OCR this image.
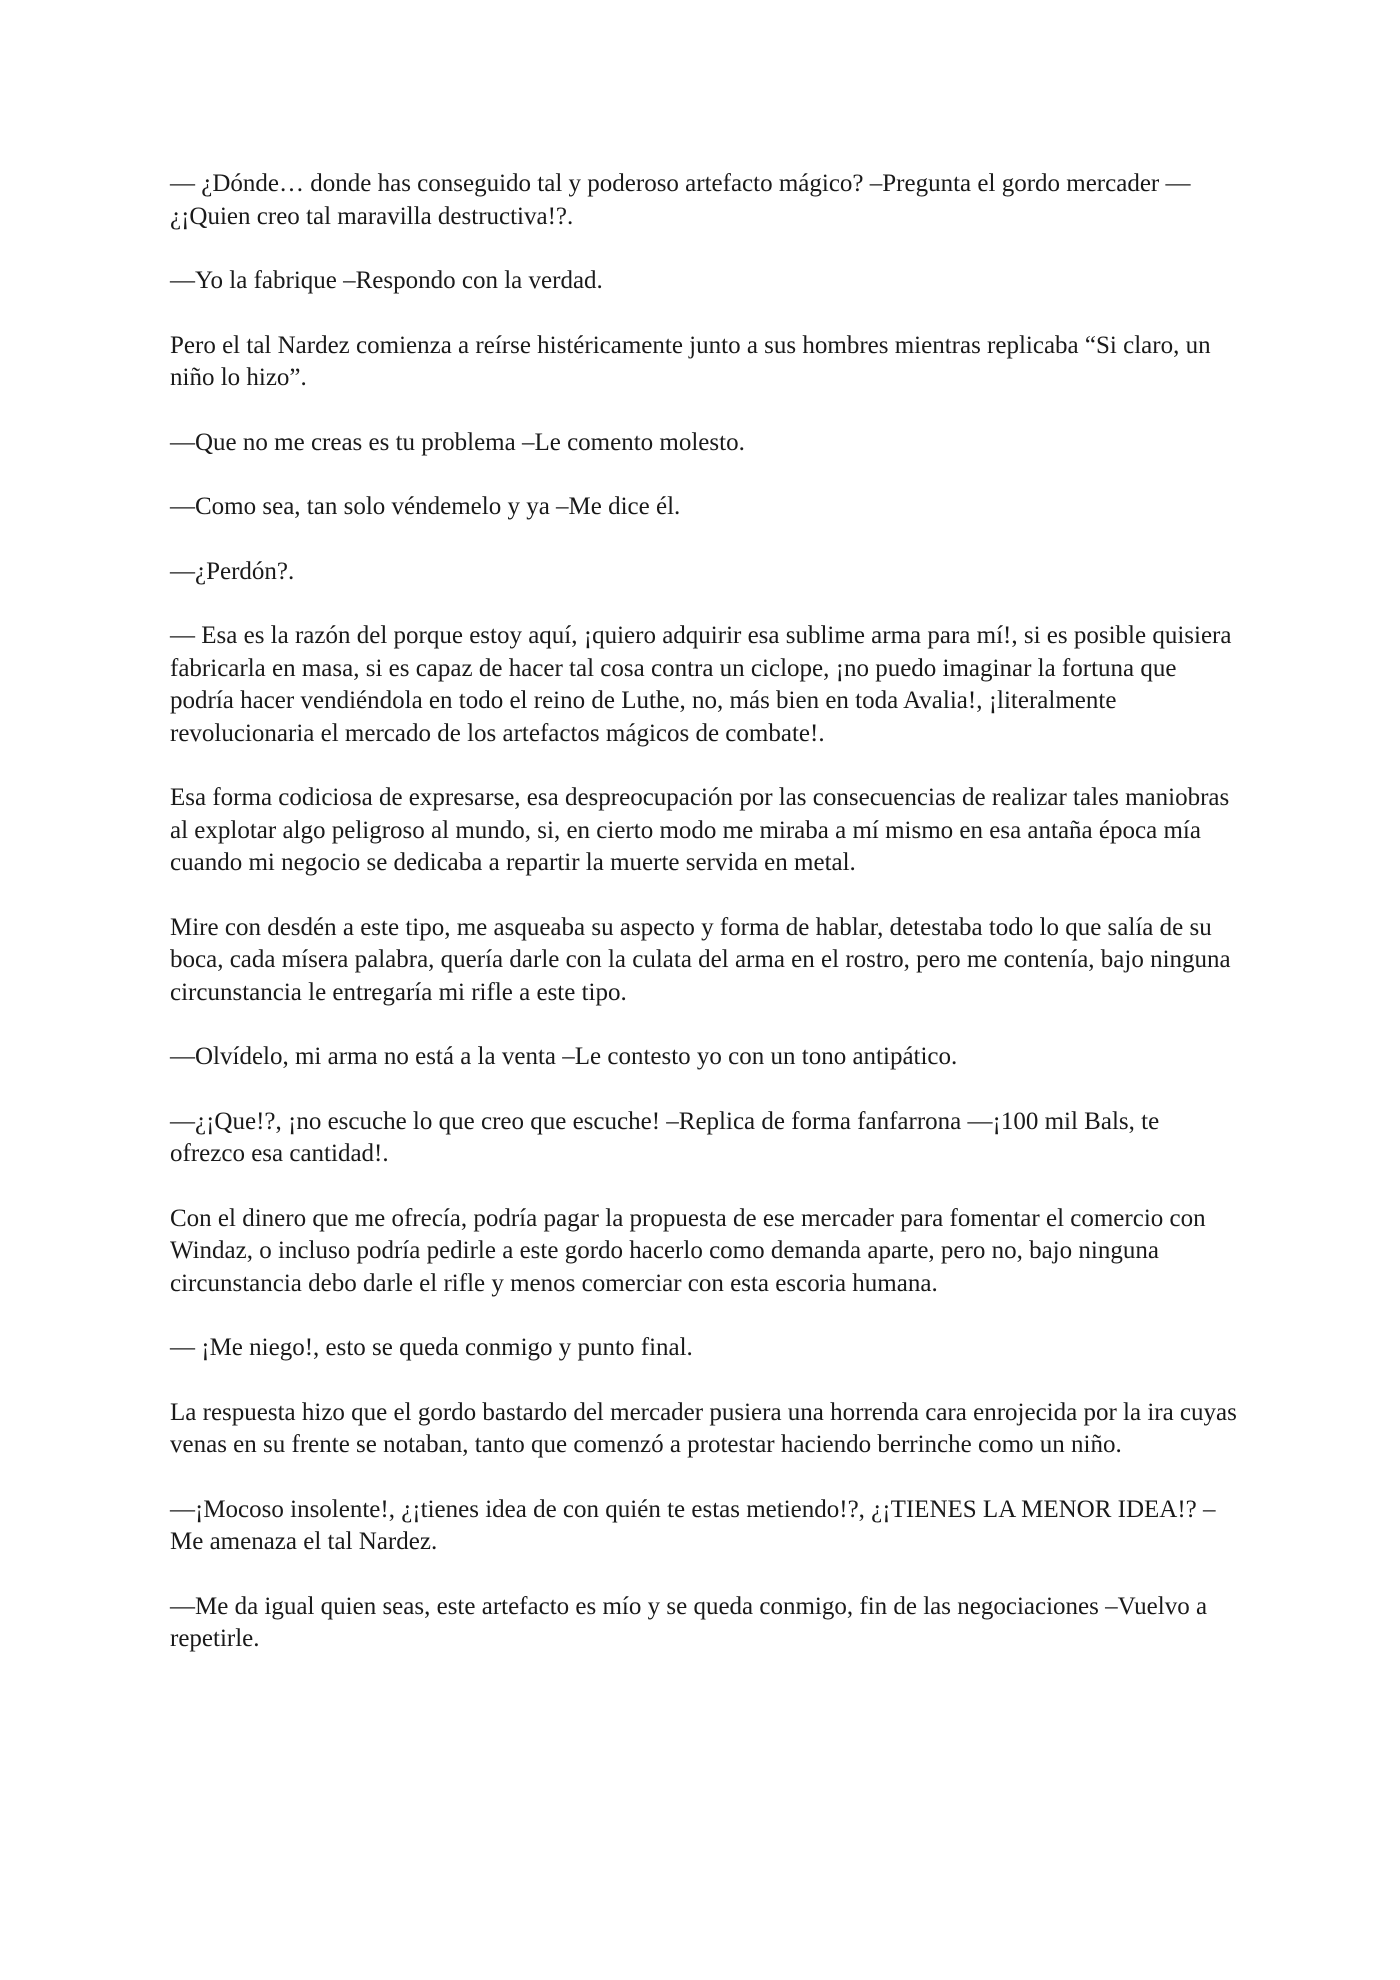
— ¿Dónde… donde has conseguido tal y poderoso artefacto mágico? –Pregunta el gordo mercader —¿¡Quien creo tal maravilla destructiva!?.

—Yo la fabrique –Respondo con la verdad.

Pero el tal Nardez comienza a reírse histéricamente junto a sus hombres mientras replicaba “Si claro, un niño lo hizo”.

—Que no me creas es tu problema –Le comento molesto.

—Como sea, tan solo véndemelo y ya –Me dice él.

—¿Perdón?.

— Esa es la razón del porque estoy aquí, ¡quiero adquirir esa sublime arma para mí!, si es posible quisiera fabricarla en masa, si es capaz de hacer tal cosa contra un ciclope, ¡no puedo imaginar la fortuna que podría hacer vendiéndola en todo el reino de Luthe, no, más bien en toda Avalia!, ¡literalmente revolucionaria el mercado de los artefactos mágicos de combate!.

Esa forma codiciosa de expresarse, esa despreocupación por las consecuencias de realizar tales maniobras al explotar algo peligroso al mundo, si, en cierto modo me miraba a mí mismo en esa antaña época mía cuando mi negocio se dedicaba a repartir la muerte servida en metal.

Mire con desdén a este tipo, me asqueaba su aspecto y forma de hablar, detestaba todo lo que salía de su boca, cada mísera palabra, quería darle con la culata del arma en el rostro, pero me contenía, bajo ninguna circunstancia le entregaría mi rifle a este tipo.

—Olvídelo, mi arma no está a la venta –Le contesto yo con un tono antipático.

—¿¡Que!?, ¡no escuche lo que creo que escuche! –Replica de forma fanfarrona —¡100 mil Bals, te ofrezco esa cantidad!.

Con el dinero que me ofrecía, podría pagar la propuesta de ese mercader para fomentar el comercio con Windaz, o incluso podría pedirle a este gordo hacerlo como demanda aparte, pero no, bajo ninguna circunstancia debo darle el rifle y menos comerciar con esta escoria humana.

— ¡Me niego!, esto se queda conmigo y punto final.

La respuesta hizo que el gordo bastardo del mercader pusiera una horrenda cara enrojecida por la ira cuyas venas en su frente se notaban, tanto que comenzó a protestar haciendo berrinche como un niño.

—¡Mocoso insolente!, ¿¡tienes idea de con quién te estas metiendo!?, ¿¡TIENES LA MENOR IDEA!? –Me amenaza el tal Nardez.

—Me da igual quien seas, este artefacto es mío y se queda conmigo, fin de las negociaciones –Vuelvo a repetirle.
